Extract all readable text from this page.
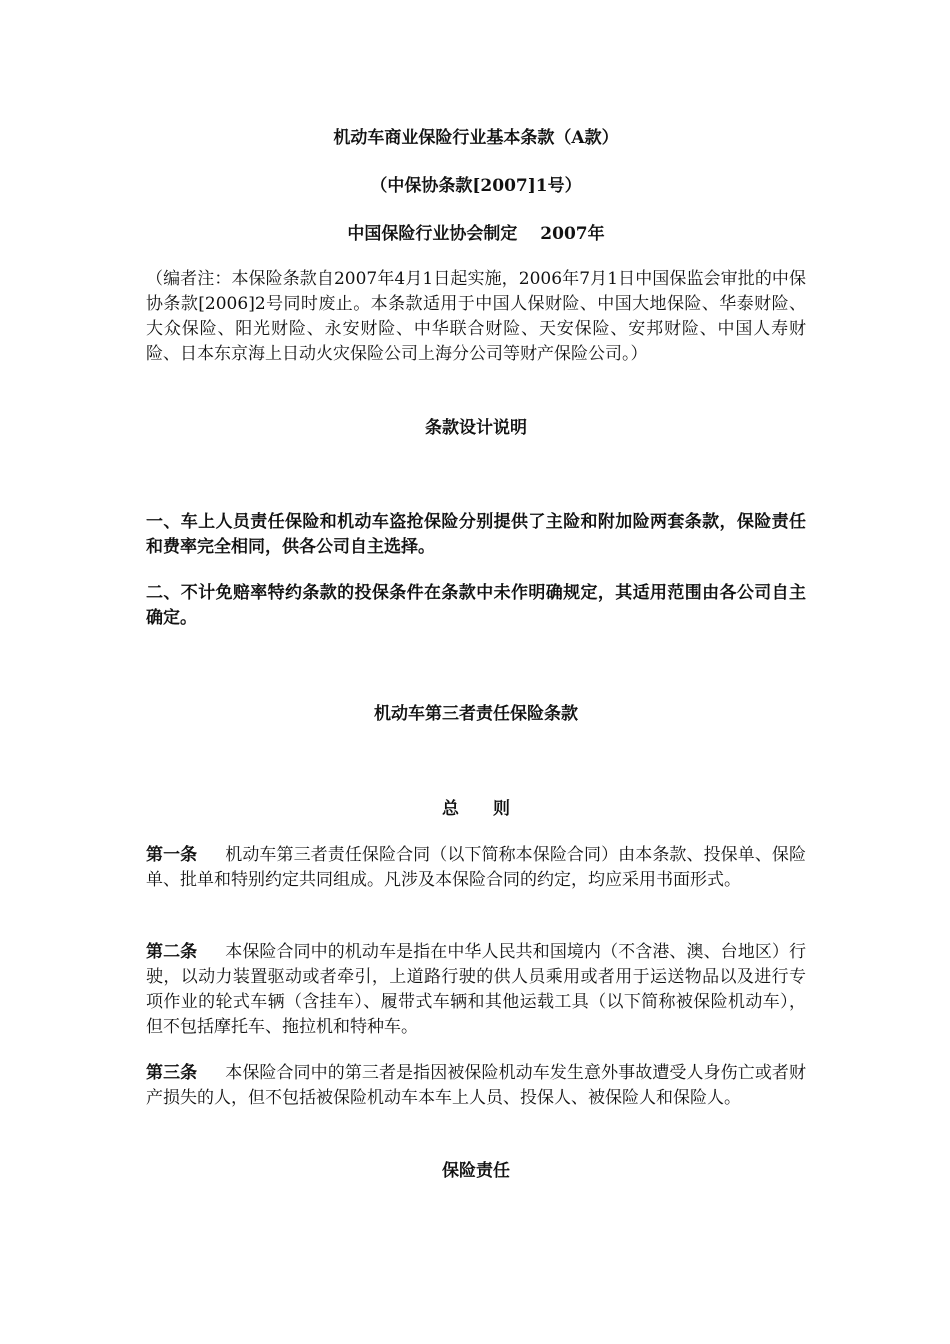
机动车商业保险行业基本条款（A款）
（中保协条款[2007]1号）
中国保险行业协会制定　 2007年
（编者注：本保险条款自2007年4月1日起实施，2006年7月1日中国保监会审批的中保协条款[2006]2号同时废止。本条款适用于中国人保财险、中国大地保险、华泰财险、大众保险、阳光财险、永安财险、中华联合财险、天安保险、安邦财险、中国人寿财险、日本东京海上日动火灾保险公司上海分公司等财产保险公司。）
条款设计说明
一、车上人员责任保险和机动车盗抢保险分别提供了主险和附加险两套条款，保险责任和费率完全相同，供各公司自主选择。
二、不计免赔率特约条款的投保条件在条款中未作明确规定，其适用范围由各公司自主确定。
机动车第三者责任保险条款
总　　则
第一条 机动车第三者责任保险合同（以下简称本保险合同）由本条款、投保单、保险单、批单和特别约定共同组成。凡涉及本保险合同的约定，均应采用书面形式。
第二条 本保险合同中的机动车是指在中华人民共和国境内（不含港、澳、台地区）行驶，以动力装置驱动或者牵引，上道路行驶的供人员乘用或者用于运送物品以及进行专项作业的轮式车辆（含挂车）、履带式车辆和其他运载工具（以下简称被保险机动车），但不包括摩托车、拖拉机和特种车。
第三条 本保险合同中的第三者是指因被保险机动车发生意外事故遭受人身伤亡或者财产损失的人，但不包括被保险机动车本车上人员、投保人、被保险人和保险人。
保险责任
